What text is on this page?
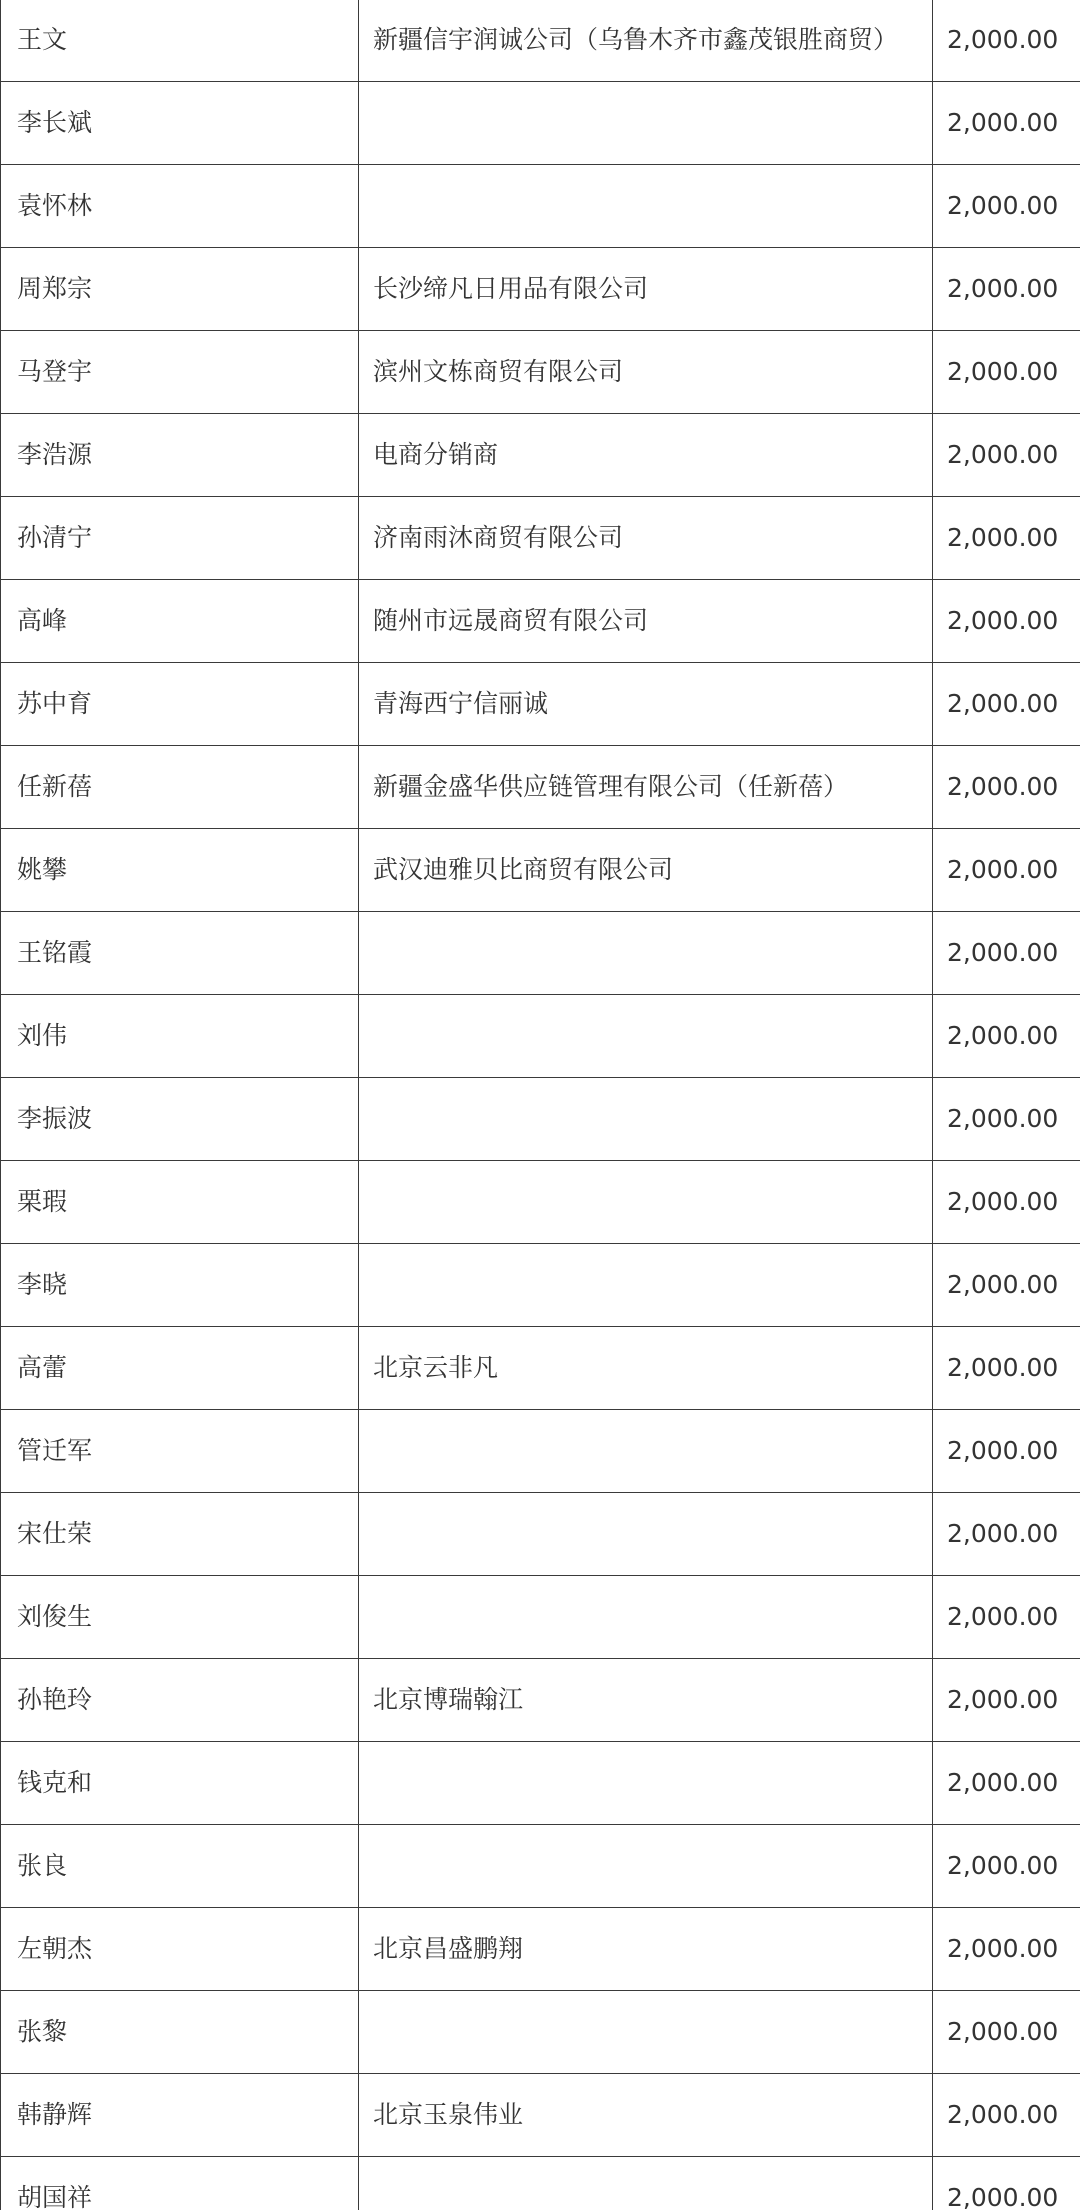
王文	新疆信宇润诚公司（乌鲁木齐市鑫茂银胜商贸）	2,000.00
李长斌		2,000.00
袁怀林		2,000.00
周郑宗	长沙缔凡日用品有限公司	2,000.00
马登宇	滨州文栋商贸有限公司	2,000.00
李浩源	电商分销商	2,000.00
孙清宁	济南雨沐商贸有限公司	2,000.00
高峰	随州市远晟商贸有限公司	2,000.00
苏中育	青海西宁信丽诚	2,000.00
任新蓓	新疆金盛华供应链管理有限公司（任新蓓）	2,000.00
姚攀	武汉迪雅贝比商贸有限公司	2,000.00
王铭霞		2,000.00
刘伟		2,000.00
李振波		2,000.00
栗瑕		2,000.00
李晓		2,000.00
高蕾	北京云非凡	2,000.00
管迁军		2,000.00
宋仕荣		2,000.00
刘俊生		2,000.00
孙艳玲	北京博瑞翰江	2,000.00
钱克和		2,000.00
张良		2,000.00
左朝杰	北京昌盛鹏翔	2,000.00
张黎		2,000.00
韩静辉	北京玉泉伟业	2,000.00
胡国祥		2,000.00
